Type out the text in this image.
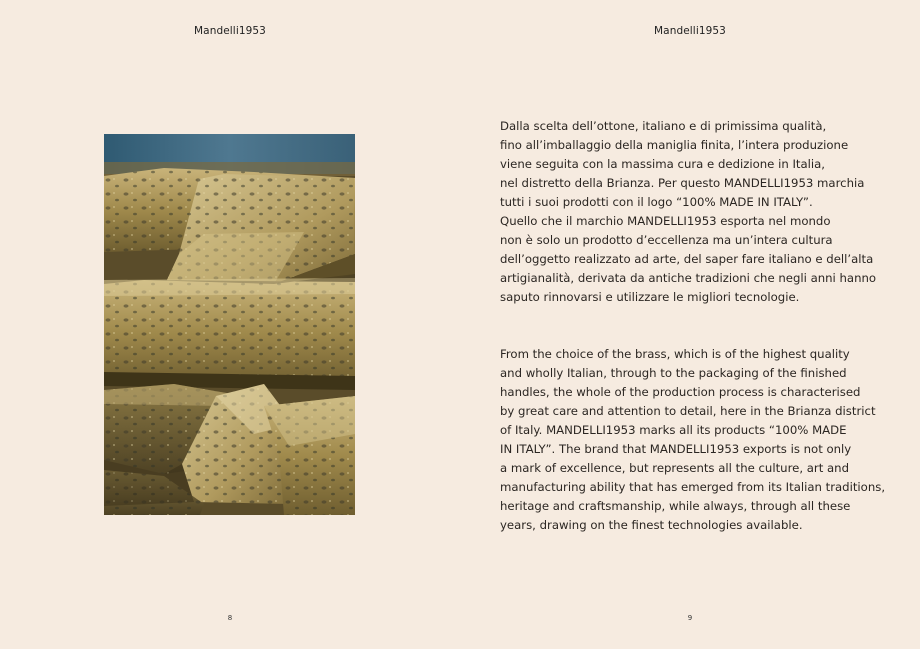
Mandelli1953
8
Mandelli1953
Dalla scelta dell’ottone, italiano e di primissima qualità,
fino all’imballaggio della maniglia finita, l’intera produzione
viene seguita con la massima cura e dedizione in Italia,
nel distretto della Brianza. Per questo MANDELLI1953 marchia
tutti i suoi prodotti con il logo “100% MADE IN ITALY”.
Quello che il marchio MANDELLI1953 esporta nel mondo
non è solo un prodotto d’eccellenza ma un’intera cultura
dell’oggetto realizzato ad arte, del saper fare italiano e dell’alta
artigianalità, derivata da antiche tradizioni che negli anni hanno
saputo rinnovarsi e utilizzare le migliori tecnologie.
From the choice of the brass, which is of the highest quality
and wholly Italian, through to the packaging of the finished
handles, the whole of the production process is characterised
by great care and attention to detail, here in the Brianza district
of Italy. MANDELLI1953 marks all its products “100% MADE
IN ITALY”. The brand that MANDELLI1953 exports is not only
a mark of excellence, but represents all the culture, art and
manufacturing ability that has emerged from its Italian traditions,
heritage and craftsmanship, while always, through all these
years, drawing on the finest technologies available.
9
